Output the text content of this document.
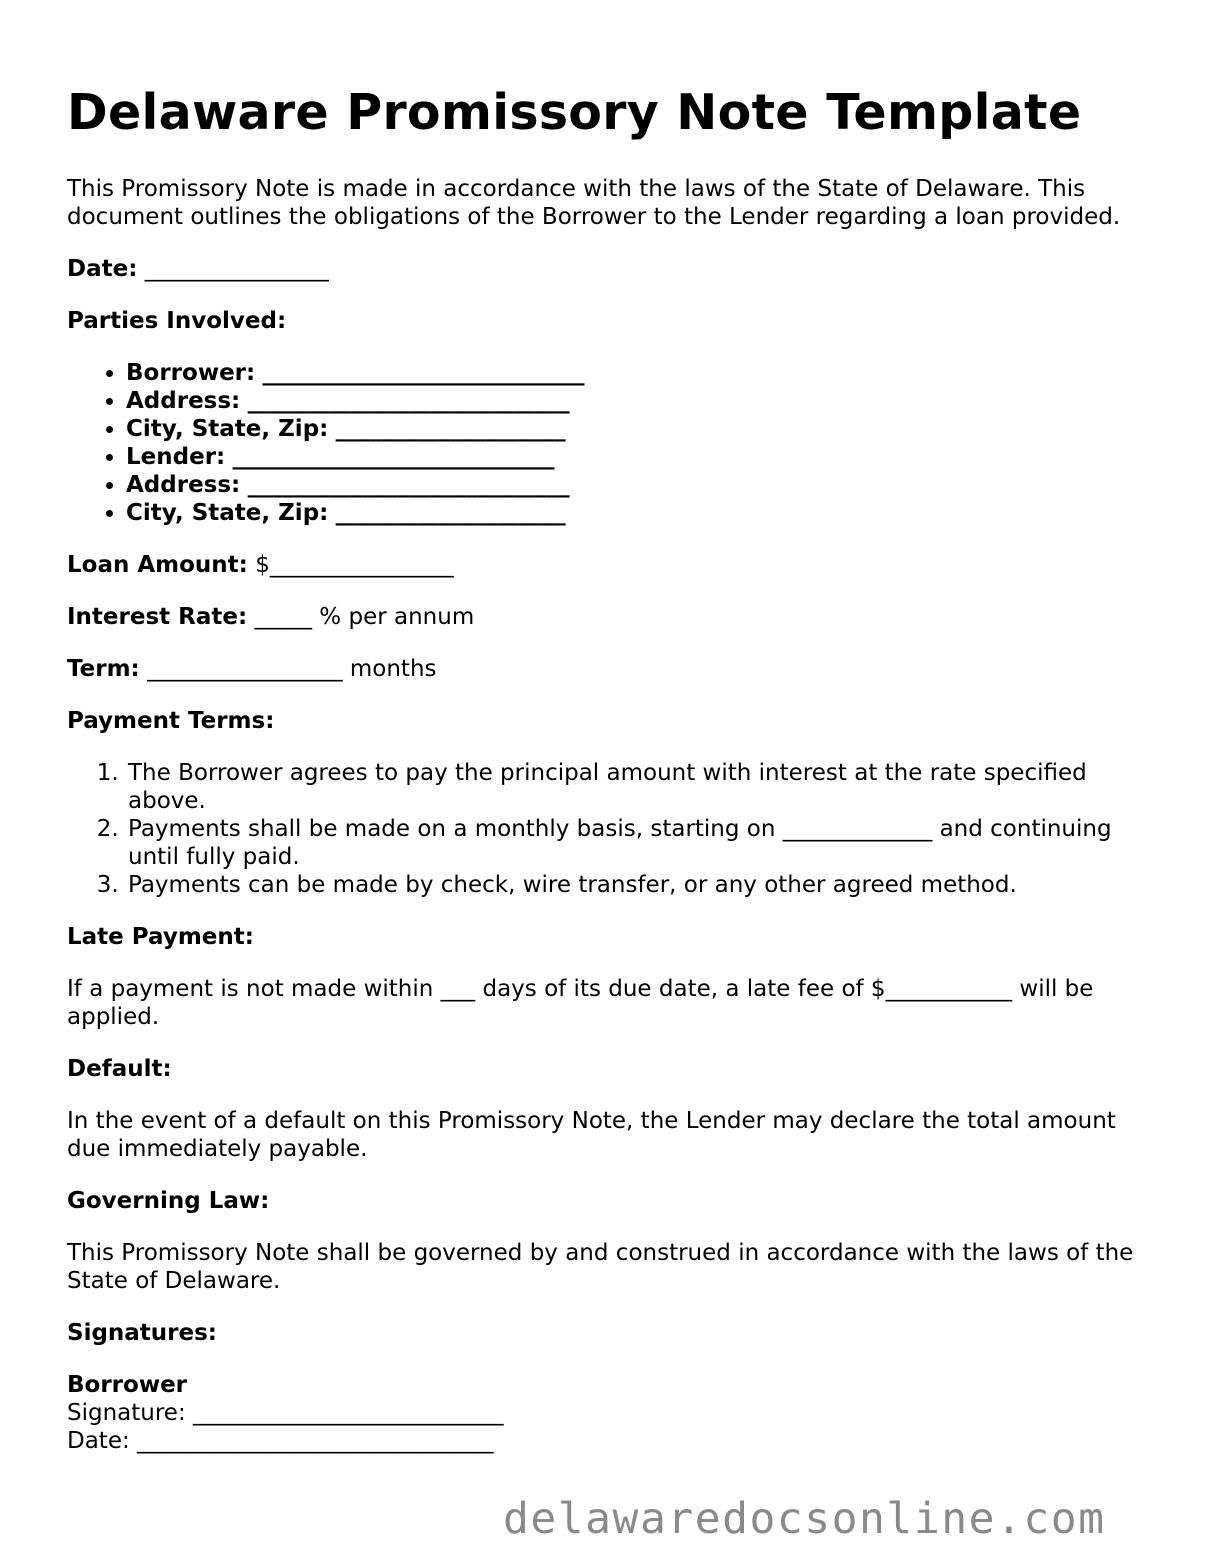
Delaware Promissory Note Template

This Promissory Note is made in accordance with the laws of the State of Delaware. This document outlines the obligations of the Borrower to the Lender regarding a loan provided.

Date: ________________

Parties Involved:

• Borrower: ____________________________
• Address: ____________________________
• City, State, Zip: ____________________
• Lender: ____________________________
• Address: ____________________________
• City, State, Zip: ____________________

Loan Amount: $________________

Interest Rate: _____ % per annum

Term: _________________ months

Payment Terms:

1. The Borrower agrees to pay the principal amount with interest at the rate specified above.
2. Payments shall be made on a monthly basis, starting on _____________ and continuing until fully paid.
3. Payments can be made by check, wire transfer, or any other agreed method.

Late Payment:

If a payment is not made within ___ days of its due date, a late fee of $___________ will be applied.

Default:

In the event of a default on this Promissory Note, the Lender may declare the total amount due immediately payable.

Governing Law:

This Promissory Note shall be governed by and construed in accordance with the laws of the State of Delaware.

Signatures:

Borrower
Signature: ___________________________
Date: _______________________________
delawaredocsonline.com
